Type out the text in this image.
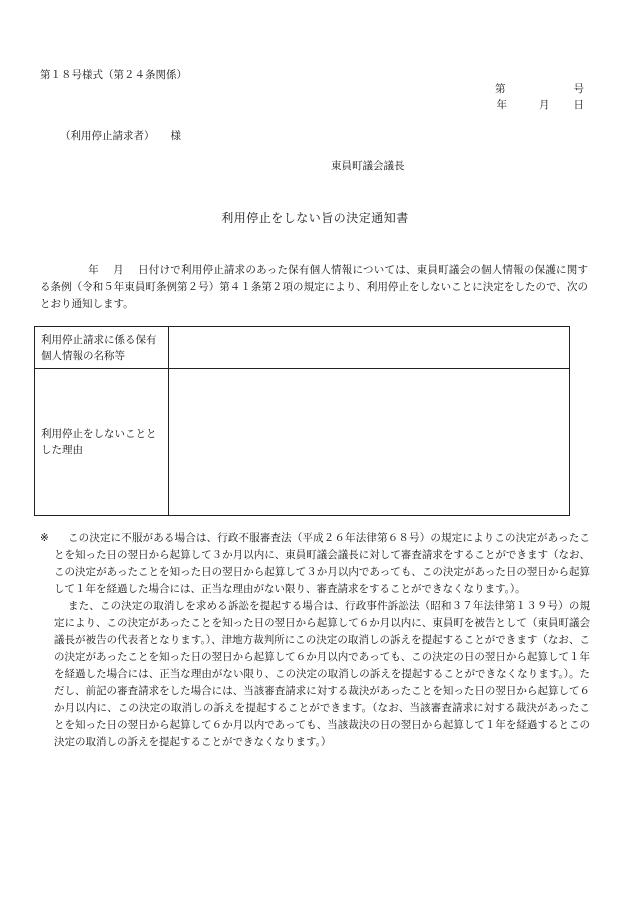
第１８号様式（第２４条関係）
第	号
年	月 日
（利用停止請求者） 様
東員町議会議長
利用停止をしない旨の決定通知書
年 月 日付けで利用停止請求のあった保有個人情報については、東員町議会の個人情報の保護に関する条例（令和５年東員町条例第２号）第４１条第２項の規定により、利用停止をしないことに決定をしたので、次のとおり通知します。
利用停止請求に係る保有個人情報の名称等
利用停止をしないこととした理由
※	この決定に不服がある場合は、行政不服審査法（平成２６年法律第６８号）の規定によりこの決定があったことを知った日の翌日から起算して３か月以内に、東員町議会議長に対して審査請求をすることができます（なお、この決定があったことを知った日の翌日から起算して３か月以内であっても、この決定があった日の翌日から起算して１年を経過した場合には、正当な理由がない限り、審査請求をすることができなくなります。）。

また、この決定の取消しを求める訴訟を提起する場合は、行政事件訴訟法（昭和３７年法律第１３９号）の規定により、この決定があったことを知った日の翌日から起算して６か月以内に、東員町を被告として（東員町議会議長が被告の代表者となります。）、津地方裁判所にこの決定の取消しの訴えを提起することができます（なお、この決定があったことを知った日の翌日から起算して６か月以内であっても、この決定の日の翌日から起算して１年を経過した場合には、正当な理由がない限り、この決定の取消しの訴えを提起することができなくなります。）。ただし、前記の審査請求をした場合には、当該審査請求に対する裁決があったことを知った日の翌日から起算して６か月以内に、この決定の取消しの訴えを提起することができます。（なお、当該審査請求に対する裁決があったことを知った日の翌日から起算して６か月以内であっても、当該裁決の日の翌日から起算して１年を経過するとこの決定の取消しの訴えを提起することができなくなります。）
